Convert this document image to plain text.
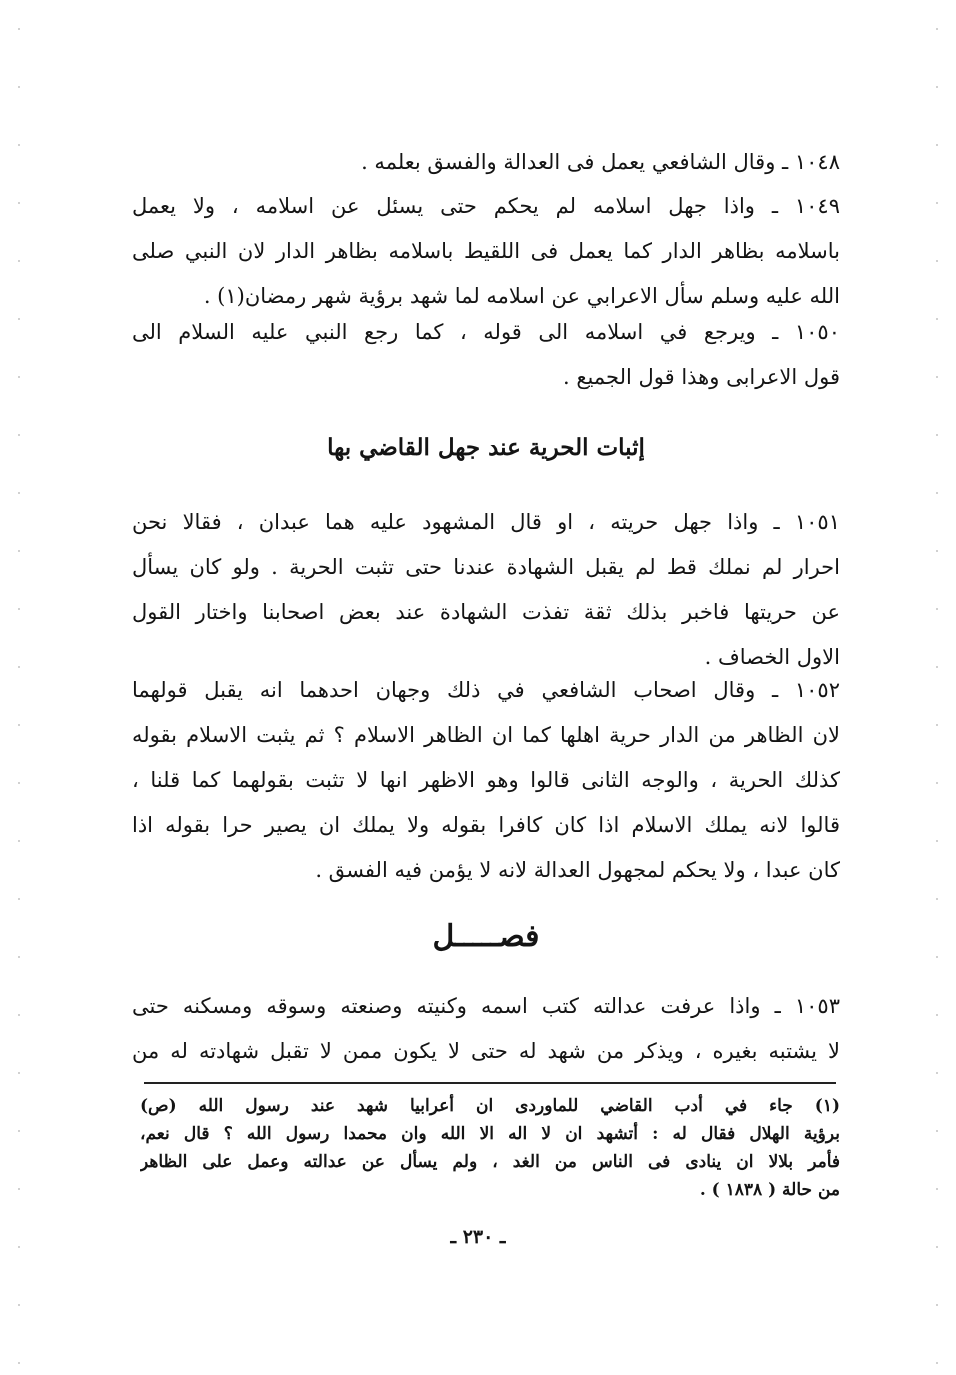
١٠٤٨ ـ وقال الشافعي يعمل فى العدالة والفسق بعلمه .
١٠٤٩ ـ واذا جهل اسلامه لم يحكم حتى يسئل عن اسلامه ، ولا يعمل
باسلامه بظاهر الدار كما يعمل فى اللقيط باسلامه بظاهر الدار لان النبي صلى
الله عليه وسلم سأل الاعرابي عن اسلامه لما شهد برؤية شهر رمضان(١) .
١٠٥٠ ـ ويرجع في اسلامه الى قوله ، كما رجع النبي عليه السلام الى
قول الاعرابى وهذا قول الجميع .
إثبات الحرية عند جهل القاضي بها
١٠٥١ ـ واذا جهل حريته ، او قال المشهود عليه هما عبدان ، فقالا نحن
احرار لم نملك قط لم يقبل الشهادة عندنا حتى تثبت الحرية . ولو كان يسأل
عن حريتها فاخبر بذلك ثقة تفذت الشهادة عند بعض اصحابنا واختار القول
الاول الخصاف .
١٠٥٢ ـ وقال اصحاب الشافعي في ذلك وجهان احدهما انه يقبل قولهما
لان الظاهر من الدار حرية اهلها كما ان الظاهر الاسلام ؟ ثم يثبت الاسلام بقوله
كذلك الحرية ، والوجه الثانى قالوا وهو الاظهر انها لا تثبت بقولهما كما قلنا ،
قالوا لانه يملك الاسلام اذا كان كافرا بقوله ولا يملك ان يصير حرا بقوله اذا
كان عبدا ، ولا يحكم لمجهول العدالة لانه لا يؤمن فيه الفسق .
فصـــــل
١٠٥٣ ـ واذا عرفت عدالته كتب اسمه وكنيته وصنعته وسوقه ومسكنه حتى
لا يشتبه بغيره ، ويذكر من شهد له حتى لا يكون ممن لا تقبل شهادته له من
(١) جاء في أدب القاضي للماوردى ان أعرابيا شهد عند رسول الله (ص)
برؤية الهلال فقال له : أتشهد ان لا اله الا الله وان محمدا رسول الله ؟ قال نعم،
فأمر بلالا ان ينادى فى الناس من الغد ، ولم يسأل عن عدالته وعمل على الظاهر
من حالة ( ١٨٣٨ ) .
ـ ٢٣٠ ـ
